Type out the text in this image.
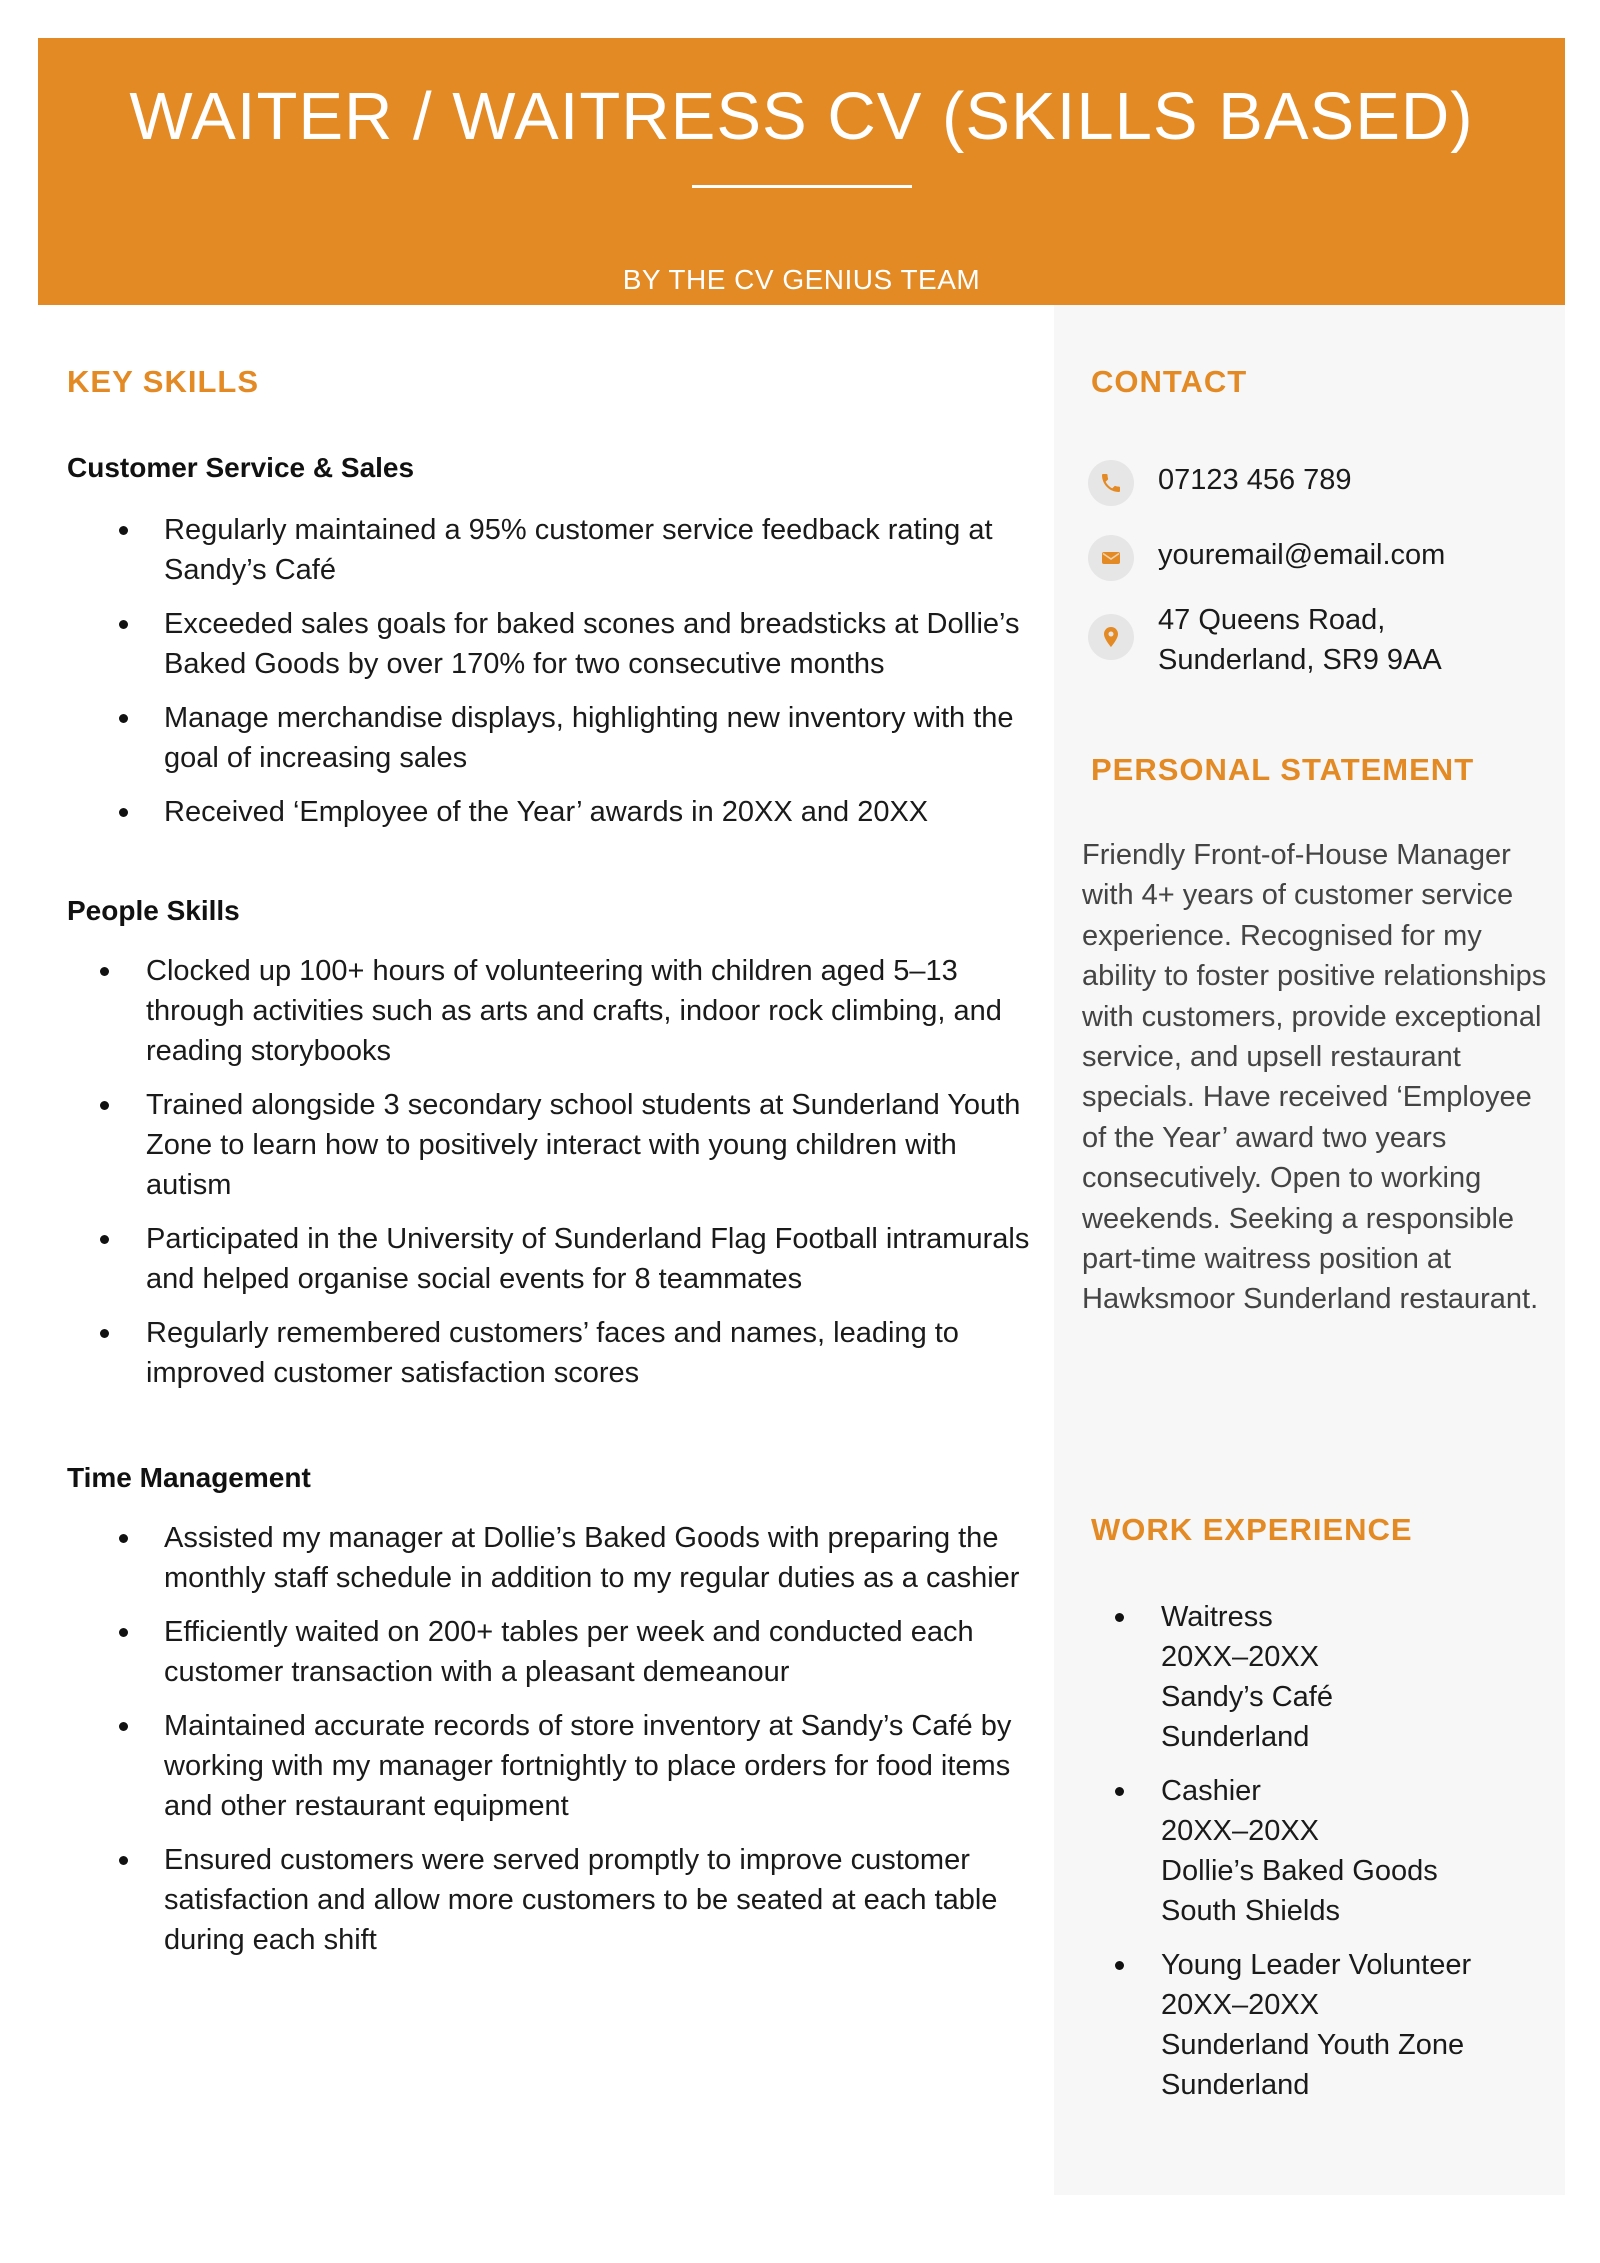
WAITER / WAITRESS CV (SKILLS BASED)
BY THE CV GENIUS TEAM
KEY SKILLS
Customer Service & Sales
Regularly maintained a 95% customer service feedback rating at Sandy’s Café
Exceeded sales goals for baked scones and breadsticks at Dollie’s Baked Goods by over 170% for two consecutive months
Manage merchandise displays, highlighting new inventory with the goal of increasing sales
Received ‘Employee of the Year’ awards in 20XX and 20XX
People Skills
Clocked up 100+ hours of volunteering with children aged 5–13 through activities such as arts and crafts, indoor rock climbing, and reading storybooks
Trained alongside 3 secondary school students at Sunderland Youth Zone to learn how to positively interact with young children with autism
Participated in the University of Sunderland Flag Football intramurals and helped organise social events for 8 teammates
Regularly remembered customers’ faces and names, leading to improved customer satisfaction scores
Time Management
Assisted my manager at Dollie’s Baked Goods with preparing the monthly staff schedule in addition to my regular duties as a cashier
Efficiently waited on 200+ tables per week and conducted each customer transaction with a pleasant demeanour
Maintained accurate records of store inventory at Sandy’s Café by working with my manager fortnightly to place orders for food items and other restaurant equipment
Ensured customers were served promptly to improve customer satisfaction and allow more customers to be seated at each table during each shift
CONTACT
07123 456 789
youremail@email.com
47 Queens Road,
Sunderland, SR9 9AA
PERSONAL STATEMENT

Friendly Front-of-House Manager with 4+ years of customer service experience. Recognised for my ability to foster positive relationships with customers, provide exceptional service, and upsell restaurant specials. Have received ‘Employee of the Year’ award two years consecutively. Open to working weekends. Seeking a responsible part-time waitress position at Hawksmoor Sunderland restaurant.

WORK EXPERIENCE
Waitress
20XX–20XX
Sandy’s Café
Sunderland
Cashier
20XX–20XX
Dollie’s Baked Goods
South Shields
Young Leader Volunteer
20XX–20XX
Sunderland Youth Zone
Sunderland
